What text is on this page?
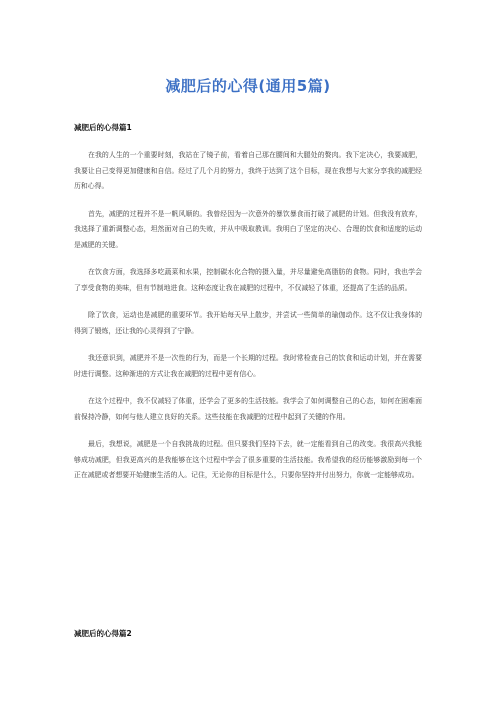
减肥后的心得(通用5篇)
减肥后的心得篇1

在我的人生的一个重要时刻，我站在了镜子前，看着自己那在腰间和大腿处的赘肉。我下定决心，我要减肥，我要让自己变得更加健康和自信。经过了几个月的努力，我终于达到了这个目标，现在我想与大家分享我的减肥经历和心得。

首先，减肥的过程并不是一帆风顺的。我曾经因为一次意外的暴饮暴食而打破了减肥的计划。但我没有放弃，我选择了重新调整心态，坦然面对自己的失败，并从中吸取教训。我明白了坚定的决心、合理的饮食和适度的运动是减肥的关键。

在饮食方面，我选择多吃蔬菜和水果，控制碳水化合物的摄入量，并尽量避免高脂肪的食物。同时，我也学会了享受食物的美味，但有节制地进食。这种态度让我在减肥的过程中，不仅减轻了体重，还提高了生活的品质。

除了饮食，运动也是减肥的重要环节。我开始每天早上散步，并尝试一些简单的瑜伽动作。这不仅让我身体的得到了锻炼，还让我的心灵得到了宁静。

我还意识到，减肥并不是一次性的行为，而是一个长期的过程。我时常检查自己的饮食和运动计划，并在需要时进行调整。这种渐进的方式让我在减肥的过程中更有信心。

在这个过程中，我不仅减轻了体重，还学会了更多的生活技能。我学会了如何调整自己的心态，如何在困难面前保持冷静，如何与他人建立良好的关系。这些技能在我减肥的过程中起到了关键的作用。

最后，我想说，减肥是一个自我挑战的过程。但只要我们坚持下去，就一定能看到自己的改变。我很高兴我能够成功减肥，但我更高兴的是我能够在这个过程中学会了很多重要的生活技能。我希望我的经历能够激励到每一个正在减肥或者想要开始健康生活的人。记住，无论你的目标是什么，只要你坚持并付出努力，你就一定能够成功。

减肥后的心得篇2
